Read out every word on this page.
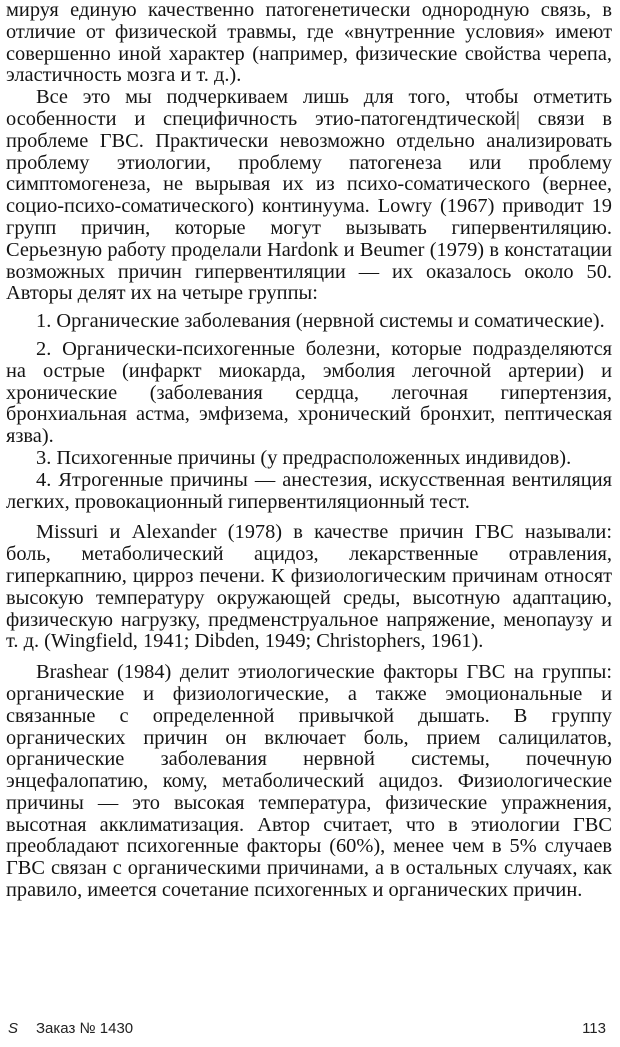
мируя единую качественно патогенетически однородную связь, в отличие от физической травмы, где «внутренние условия» имеют совершенно иной характер (например, физические свойства черепа, эластичность мозга и т. д.).

Все это мы подчеркиваем лишь для того, чтобы отметить особенности и специфичность этио-патогендтической| связи в проблеме ГВС. Практически невозможно отдельно анализировать проблему этиологии, проблему патогенеза или проблему симптомогенеза, не вырывая их из психо-соматического (вернее, социо-психо-соматического) континуума. Lowry (1967) приводит 19 групп причин, которые могут вызывать гипервентиляцию. Серьезную работу проделали Hardonk и Beumer (1979) в констатации возможных причин гипервентиляции — их оказалось около 50. Авторы делят их на четыре группы:

1. Органические заболевания (нервной системы и соматические).

2. Органически-психогенные болезни, которые подразделяются на острые (инфаркт миокарда, эмболия легочной артерии) и хронические (заболевания сердца, легочная гипертензия, бронхиальная астма, эмфизема, хронический бронхит, пептическая язва).

3. Психогенные причины (у предрасположенных индивидов).

4. Ятрогенные причины — анестезия, искусственная вентиляция легких, провокационный гипервентиляционный тест.

Missuri и Alexander (1978) в качестве причин ГВС называли: боль, метаболический ацидоз, лекарственные отравления, гиперкапнию, цирроз печени. К физиологическим причинам относят высокую температуру окружающей среды, высотную адаптацию, физическую нагрузку, предменструальное напряжение, менопаузу и т. д. (Wingfield, 1941; Dibden, 1949; Christophers, 1961).

Brashear (1984) делит этиологические факторы ГВС на группы: органические и физиологические, а также эмоциональные и связанные с определенной привычкой дышать. В группу органических причин он включает боль, прием салицилатов, органические заболевания нервной системы, почечную энцефалопатию, кому, метаболический ацидоз. Физиологические причины — это высокая температура, физические упражнения, высотная акклиматизация. Автор считает, что в этиологии ГВС преобладают психогенные факторы (60%), менее чем в 5% случаев ГВС связан с органическими причинами, а в остальных случаях, как правило, имеется сочетание психогенных и органических причин.

S Заказ № 1430	113
